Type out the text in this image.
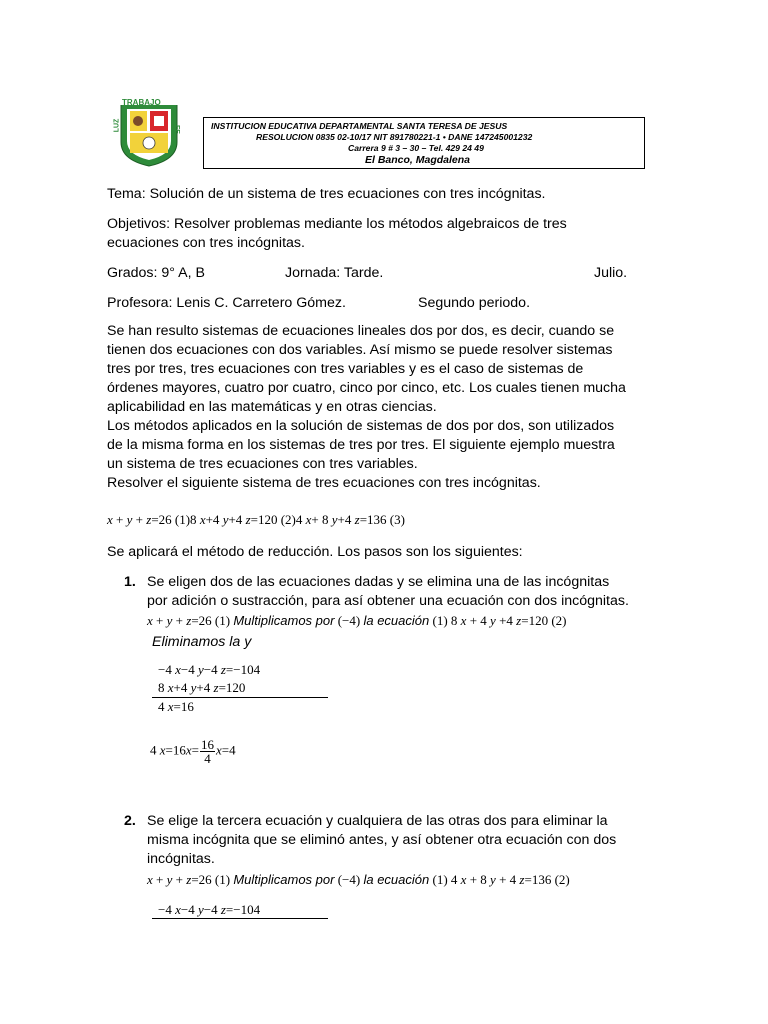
TRABAJO
LUZ	FE	INSTITUCION EDUCATIVA DEPARTAMENTAL SANTA TERESA DE JESUS
RESOLUCION 0835 02-10/17 NIT 891780221-1 • DANE 147245001232
Carrera 9 # 3 – 30 – Tel. 429 24 49
El Banco, Magdalena
Tema: Solución de un sistema de tres ecuaciones con tres incógnitas.
Objetivos: Resolver problemas mediante los métodos algebraicos de tres
ecuaciones con tres incógnitas.
Grados: 9° A, B	Jornada: Tarde.	Julio.
Profesora: Lenis C. Carretero Gómez.	Segundo periodo.
Se han resulto sistemas de ecuaciones lineales dos por dos, es decir, cuando se
tienen dos ecuaciones con dos variables. Así mismo se puede resolver sistemas
tres por tres, tres ecuaciones con tres variables y es el caso de sistemas de
órdenes mayores, cuatro por cuatro, cinco por cinco, etc. Los cuales tienen mucha
aplicabilidad en las matemáticas y en otras ciencias.
Los métodos aplicados en la solución de sistemas de dos por dos, son utilizados
de la misma forma en los sistemas de tres por tres. El siguiente ejemplo muestra
un sistema de tres ecuaciones con tres variables.
Resolver el siguiente sistema de tres ecuaciones con tres incógnitas.
x + y + z=26 (1)8 x+4 y+4 z=120 (2)4 x+ 8 y+4 z=136 (3)
Se aplicará el método de reducción. Los pasos son los siguientes:
1. Se eligen dos de las ecuaciones dadas y se elimina una de las incógnitas
por adición o sustracción, para así obtener una ecuación con dos incógnitas.
x + y + z=26 (1) Multiplicamos por (−4) la ecuación (1) 8 x + 4 y +4 z=120 (2)
Eliminamos la y
−4 x−4 y−4 z=−104
8 x+4 y+4 z=120
4 x=16
4 $x=16x= \frac{16}{4} x=4$
2. Se elige la tercera ecuación y cualquiera de las otras dos para eliminar la
misma incógnita que se eliminó antes, y así obtener otra ecuación con dos
incógnitas.
x + y + z=26 (1) Multiplicamos por (−4) la ecuación (1) 4 x + 8 y + 4 z=136 (2)
−4 x−4 y−4 z=−104
